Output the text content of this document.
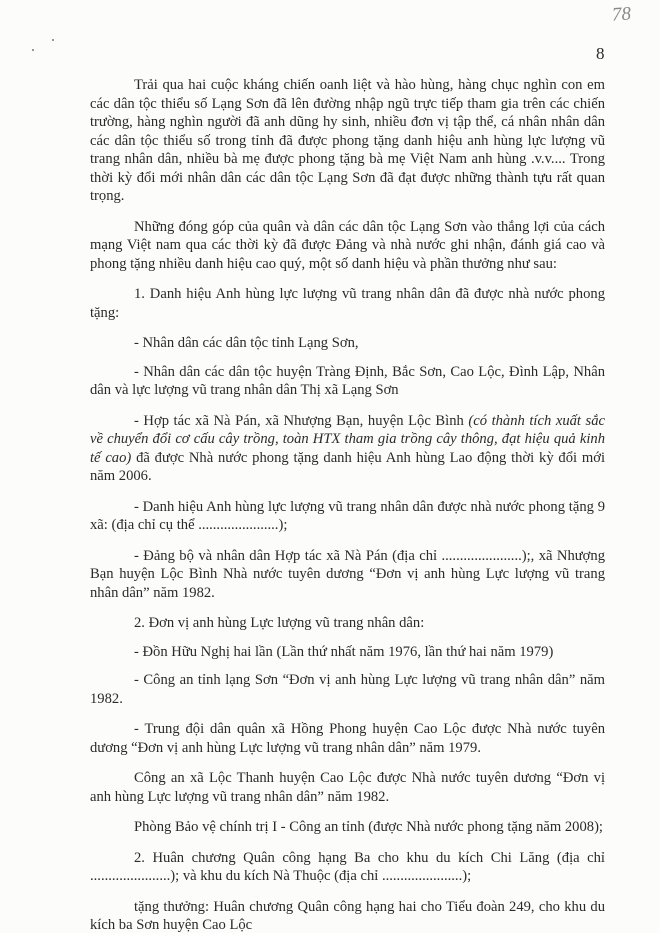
78
8

Trải qua hai cuộc kháng chiến oanh liệt và hào hùng, hàng chục nghìn con em các dân tộc thiểu số Lạng Sơn đã lên đường nhập ngũ trực tiếp tham gia trên các chiến trường, hàng nghìn người đã anh dũng hy sinh, nhiều đơn vị tập thể, cá nhân nhân dân các dân tộc thiểu số trong tỉnh đã được phong tặng danh hiệu anh hùng lực lượng vũ trang nhân dân, nhiều bà mẹ được phong tặng bà mẹ Việt Nam anh hùng .v.v.... Trong thời kỳ đổi mới nhân dân các dân tộc Lạng Sơn đã đạt được những thành tựu rất quan trọng.

Những đóng góp của quân và dân các dân tộc Lạng Sơn vào thắng lợi của cách mạng Việt nam qua các thời kỳ đã được Đảng và nhà nước ghi nhận, đánh giá cao và phong tặng nhiều danh hiệu cao quý, một số danh hiệu và phần thưởng như sau:

1. Danh hiệu Anh hùng lực lượng vũ trang nhân dân đã được nhà nước phong tặng:

- Nhân dân các dân tộc tỉnh Lạng Sơn,

- Nhân dân các dân tộc huyện Tràng Định, Bắc Sơn, Cao Lộc, Đình Lập, Nhân dân và lực lượng vũ trang nhân dân Thị xã Lạng Sơn

- Hợp tác xã Nà Pán, xã Nhượng Bạn, huyện Lộc Bình (có thành tích xuất sắc về chuyển đổi cơ cấu cây trồng, toàn HTX tham gia trồng cây thông, đạt hiệu quả kinh tế cao) đã được Nhà nước phong tặng danh hiệu Anh hùng Lao động thời kỳ đổi mới năm 2006.

- Danh hiệu Anh hùng lực lượng vũ trang nhân dân được nhà nước phong tặng 9 xã: (địa chỉ cụ thể ......................);

- Đảng bộ và nhân dân Hợp tác xã Nà Pán (địa chỉ ......................);, xã Nhượng Bạn huyện Lộc Bình Nhà nước tuyên dương “Đơn vị anh hùng Lực lượng vũ trang nhân dân” năm 1982.

2. Đơn vị anh hùng Lực lượng vũ trang nhân dân:

- Đồn Hữu Nghị hai lần (Lần thứ nhất năm 1976, lần thứ hai năm 1979)

- Công an tỉnh lạng Sơn “Đơn vị anh hùng Lực lượng vũ trang nhân dân” năm 1982.

- Trung đội dân quân xã Hồng Phong huyện Cao Lộc được Nhà nước tuyên dương “Đơn vị anh hùng Lực lượng vũ trang nhân dân” năm 1979.

Công an xã Lộc Thanh huyện Cao Lộc được Nhà nước tuyên dương “Đơn vị anh hùng Lực lượng vũ trang nhân dân” năm 1982.

Phòng Bảo vệ chính trị I - Công an tỉnh (được Nhà nước phong tặng năm 2008);

2. Huân chương Quân công hạng Ba cho khu du kích Chi Lăng (địa chỉ ......................); và khu du kích Nà Thuộc (địa chỉ ......................);

tặng thưởng: Huân chương Quân công hạng hai cho Tiểu đoàn 249, cho khu du kích ba Sơn huyện Cao Lộc
